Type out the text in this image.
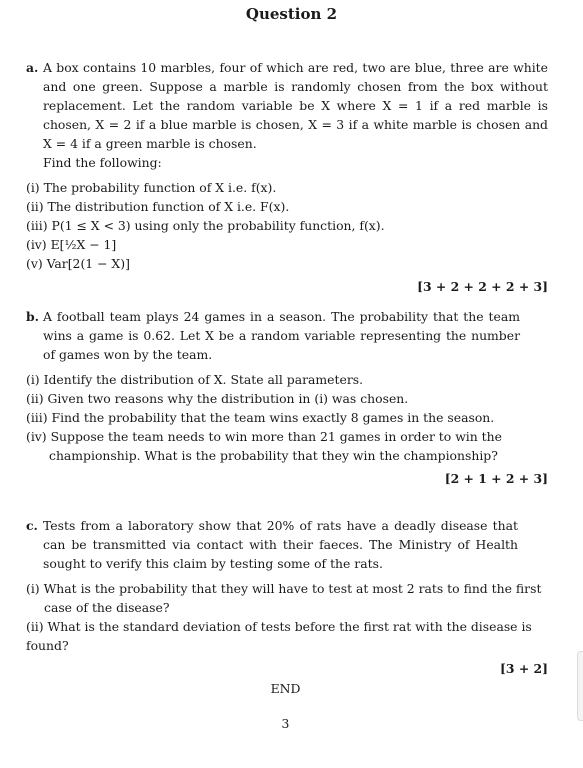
Question 2
a. A box contains 10 marbles, four of which are red, two are blue, three are white and one green. Suppose a marble is randomly chosen from the box without replacement. Let the random variable be X where X = 1 if a red marble is chosen, X = 2 if a blue marble is chosen, X = 3 if a white marble is chosen and X = 4 if a green marble is chosen.

Find the following:

(i) The probability function of X i.e. f(x).
(ii) The distribution function of X i.e. F(x).
(iii) P(1 ≤ X < 3) using only the probability function, f(x).
(iv) E[½X − 1]
(v) Var[2(1 − X)]
[3 + 2 + 2 + 2 + 3]
b. A football team plays 24 games in a season. The probability that the team wins a game is 0.62. Let X be a random variable representing the number of games won by the team.

(i) Identify the distribution of X. State all parameters.
(ii) Given two reasons why the distribution in (i) was chosen.
(iii) Find the probability that the team wins exactly 8 games in the season.
(iv) Suppose the team needs to win more than 21 games in order to win the championship. What is the probability that they win the championship?
[2 + 1 + 2 + 3]
c. Tests from a laboratory show that 20% of rats have a deadly disease that can be transmitted via contact with their faeces. The Ministry of Health sought to verify this claim by testing some of the rats.

(i) What is the probability that they will have to test at most 2 rats to find the first case of the disease?
(ii) What is the standard deviation of tests before the first rat with the disease is found?
[3 + 2]
END
3
